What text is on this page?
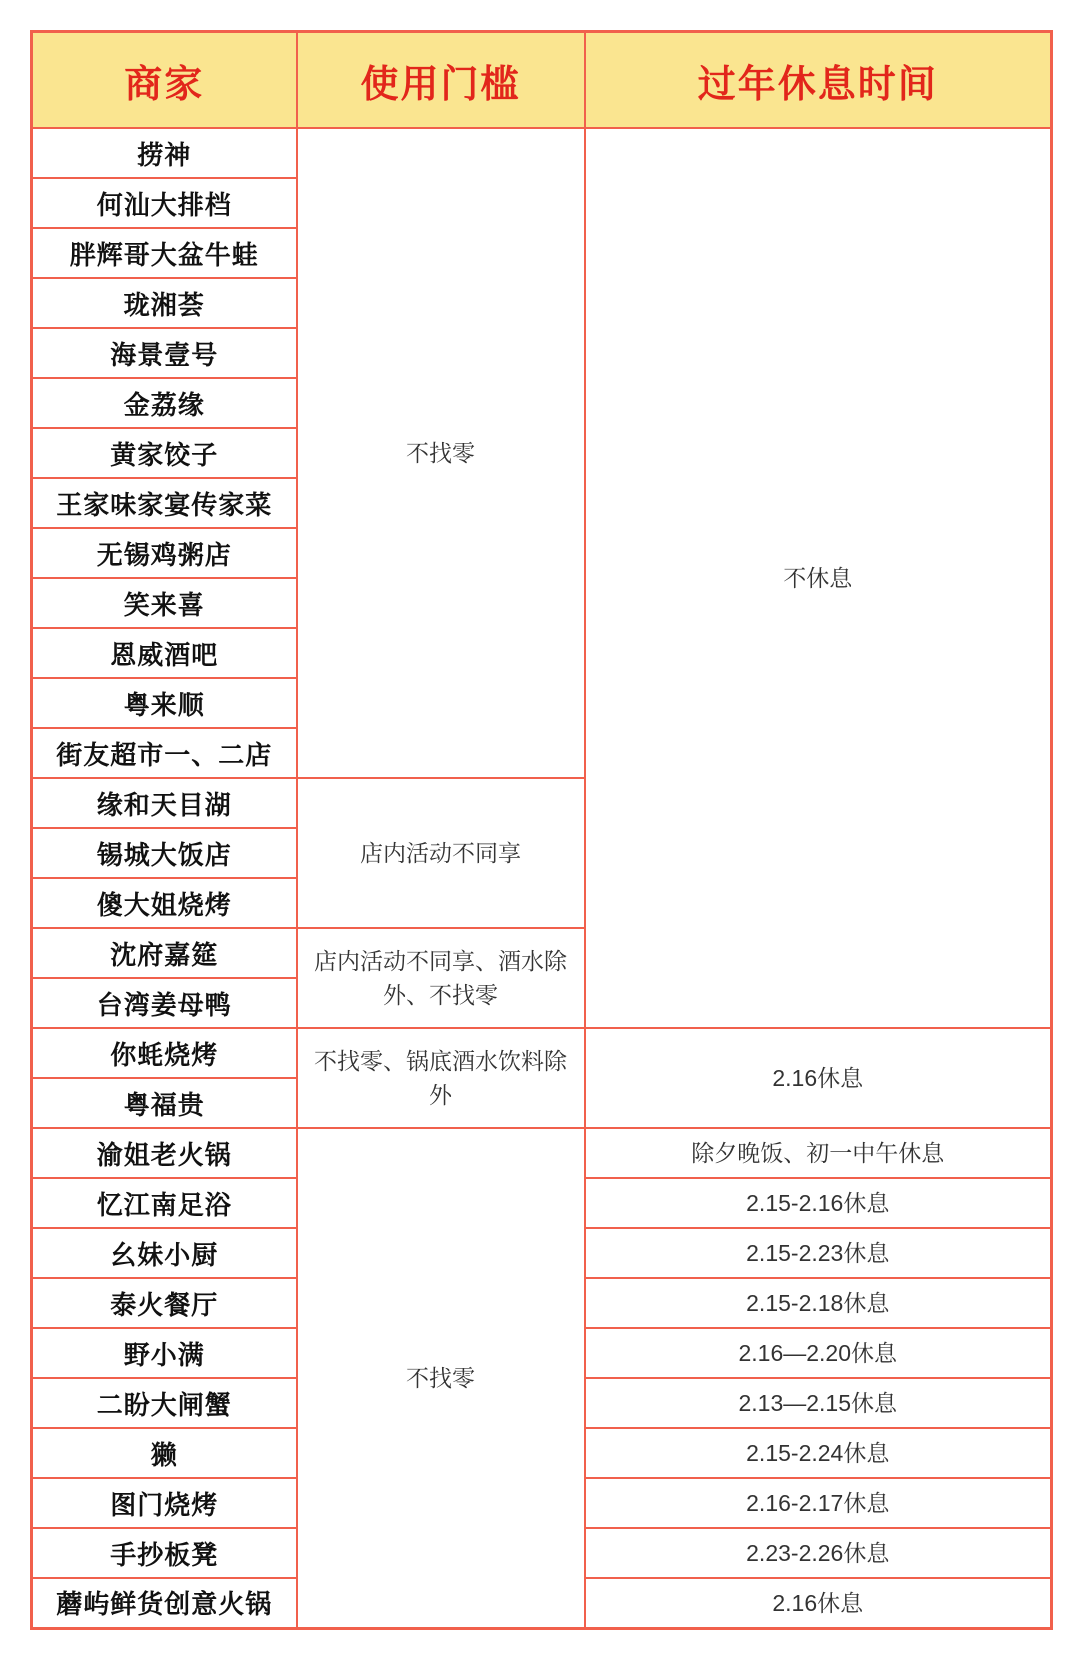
商家	使用门槛	过年休息时间
捞神	不找零	不休息
何汕大排档		
胖辉哥大盆牛蛙		
珑湘荟		
海景壹号		
金荔缘		
黄家饺子		
王家味家宴传家菜		
无锡鸡粥店		
笑来喜		
恩威酒吧		
粤来顺		
街友超市一、二店		
缘和天目湖	店内活动不同享	
锡城大饭店		
傻大姐烧烤		
沈府嘉筵	店内活动不同享、酒水除外、不找零	
台湾姜母鸭		
你蚝烧烤	不找零、锅底酒水饮料除外	2.16休息
粤福贵		
渝姐老火锅	不找零	除夕晚饭、初一中午休息
忆江南足浴		2.15-2.16休息
幺妹小厨		2.15-2.23休息
泰火餐厅		2.15-2.18休息
野小满		2.16—2.20休息
二盼大闸蟹		2.13—2.15休息
獭		2.15-2.24休息
图门烧烤		2.16-2.17休息
手抄板凳		2.23-2.26休息
蘑屿鲜货创意火锅		2.16休息
